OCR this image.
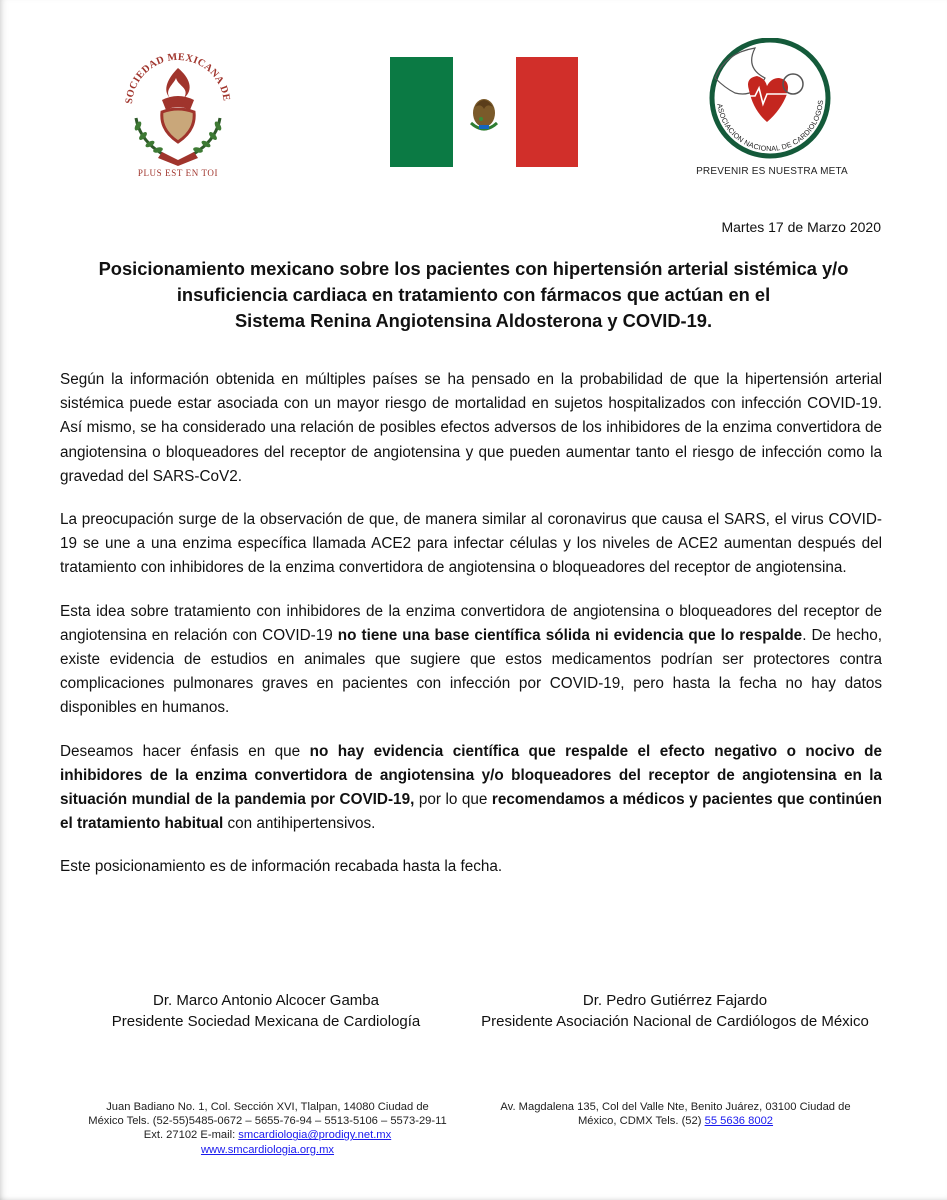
SOCIEDAD MEXICANA DE
PLUS EST EN TOI
ASOCIACION NACIONAL DE CARDIOLOGOS
PREVENIR ES NUESTRA META
Martes 17 de Marzo 2020
Posicionamiento mexicano sobre los pacientes con hipertensión arterial sistémica y/o
insuficiencia cardiaca en tratamiento con fármacos que actúan en el
Sistema Renina Angiotensina Aldosterona y COVID-19.

Según la información obtenida en múltiples países se ha pensado en la probabilidad de que la hipertensión arterial sistémica puede estar asociada con un mayor riesgo de mortalidad en sujetos hospitalizados con infección COVID-19. Así mismo, se ha considerado una relación de posibles efectos adversos de los inhibidores de la enzima convertidora de angiotensina o bloqueadores del receptor de angiotensina y que pueden aumentar tanto el riesgo de infección como la gravedad del SARS-CoV2.

La preocupación surge de la observación de que, de manera similar al coronavirus que causa el SARS, el virus COVID-19 se une a una enzima específica llamada ACE2 para infectar células y los niveles de ACE2 aumentan después del tratamiento con inhibidores de la enzima convertidora de angiotensina o bloqueadores del receptor de angiotensina.

Esta idea sobre tratamiento con inhibidores de la enzima convertidora de angiotensina o bloqueadores del receptor de angiotensina en relación con COVID-19 no tiene una base científica sólida ni evidencia que lo respalde. De hecho, existe evidencia de estudios en animales que sugiere que estos medicamentos podrían ser protectores contra complicaciones pulmonares graves en pacientes con infección por COVID-19, pero hasta la fecha no hay datos disponibles en humanos.

Deseamos hacer énfasis en que no hay evidencia científica que respalde el efecto negativo o nocivo de inhibidores de la enzima convertidora de angiotensina y/o bloqueadores del receptor de angiotensina en la situación mundial de la pandemia por COVID-19, por lo que recomendamos a médicos y pacientes que continúen el tratamiento habitual con antihipertensivos.

Este posicionamiento es de información recabada hasta la fecha.

Dr. Marco Antonio Alcocer Gamba
Presidente Sociedad Mexicana de Cardiología
Dr. Pedro Gutiérrez Fajardo
Presidente Asociación Nacional de Cardiólogos de México
Juan Badiano No. 1, Col. Sección XVI, Tlalpan, 14080 Ciudad de
México Tels. (52-55)5485-0672 – 5655-76-94 – 5513-5106 – 5573-29-11
Ext. 27102 E-mail: smcardiologia@prodigy.net.mx
www.smcardiologia.org.mx
Av. Magdalena 135, Col del Valle Nte, Benito Juárez, 03100 Ciudad de
México, CDMX Tels. (52) 55 5636 8002
